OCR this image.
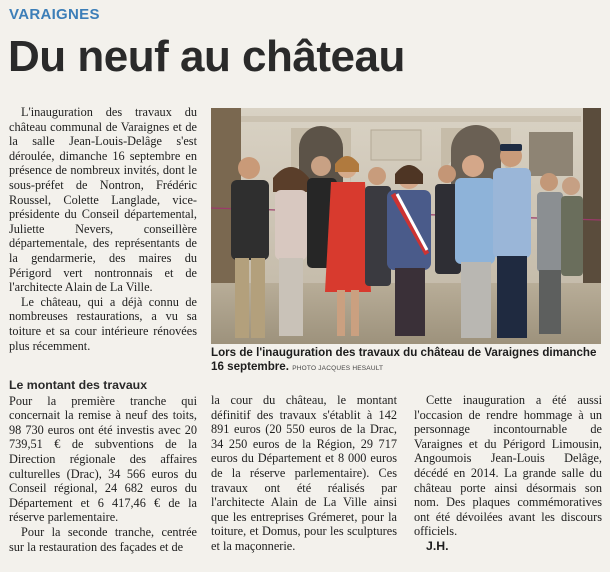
VARAIGNES
Du neuf au château

L'inauguration des travaux du château communal de Varaignes et de la salle Jean-Louis-Delâge s'est déroulée, dimanche 16 septembre en présence de nombreux invités, dont le sous-préfet de Nontron, Frédéric Roussel, Colette Langlade, vice-présidente du Conseil départemental, Juliette Nevers, conseillère départementale, des représentants de la gendarmerie, des maires du Périgord vert nontronnais et de l'architecte Alain de La Ville.

Le château, qui a déjà connu de nombreuses restaurations, a vu sa toiture et sa cour intérieure rénovées plus récemment.

Le montant des travaux

Pour la première tranche qui concernait la remise à neuf des toits, 98 730 euros ont été investis avec 20 739,51 € de subventions de la Direction régionale des affaires culturelles (Drac), 34 566 euros du Conseil régional, 24 682 euros du Département et 6 417,46 € de la réserve parlementaire.

Pour la seconde tranche, centrée sur la restauration des façades et de

Lors de l'inauguration des travaux du château de Varaignes dimanche 16 septembre. PHOTO JACQUES HESAULT

la cour du château, le montant définitif des travaux s'établit à 142 891 euros (20 550 euros de la Drac, 34 250 euros de la Région, 29 717 euros du Département et 8 000 euros de la réserve parlementaire). Ces travaux ont été réalisés par l'architecte Alain de La Ville ainsi que les entreprises Grémeret, pour la toiture, et Domus, pour les sculptures et la maçonnerie.

Cette inauguration a été aussi l'occasion de rendre hommage à un personnage incontournable de Varaignes et du Périgord Limousin, Angoumois Jean-Louis Delâge, décédé en 2014. La grande salle du château porte ainsi désormais son nom. Des plaques commémoratives ont été dévoilées avant les discours officiels.

J.H.
